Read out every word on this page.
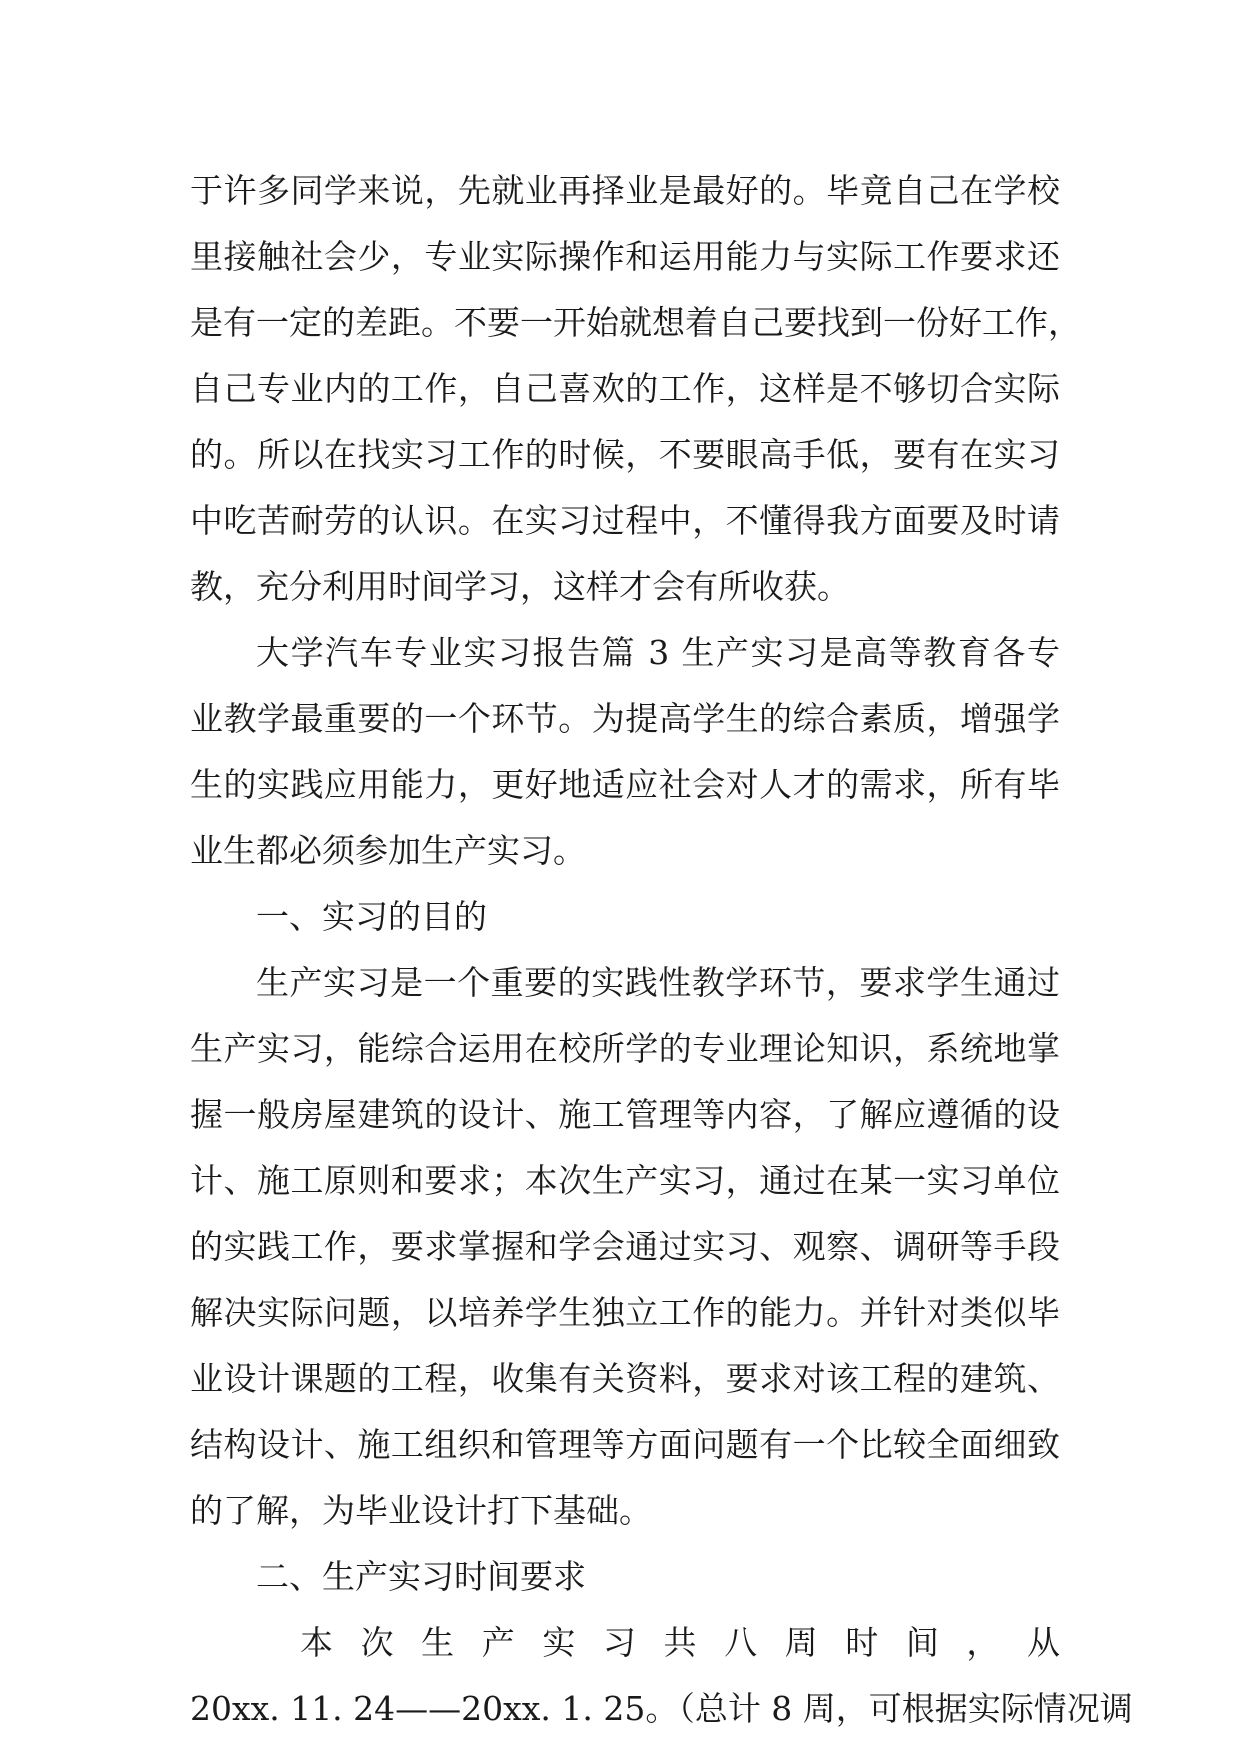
于许多同学来说，先就业再择业是最好的。毕竟自己在学校
里接触社会少，专业实际操作和运用能力与实际工作要求还
是有一定的差距。不要一开始就想着自己要找到一份好工作，
自己专业内的工作，自己喜欢的工作，这样是不够切合实际
的。所以在找实习工作的时候，不要眼高手低，要有在实习
中吃苦耐劳的认识。在实习过程中，不懂得我方面要及时请
教，充分利用时间学习，这样才会有所收获。
大学汽车专业实习报告篇 3 生产实习是高等教育各专
业教学最重要的一个环节。为提高学生的综合素质，增强学
生的实践应用能力，更好地适应社会对人才的需求，所有毕
业生都必须参加生产实习。
一、实习的目的
生产实习是一个重要的实践性教学环节，要求学生通过
生产实习，能综合运用在校所学的专业理论知识，系统地掌
握一般房屋建筑的设计、施工管理等内容，了解应遵循的设
计、施工原则和要求；本次生产实习，通过在某一实习单位
的实践工作，要求掌握和学会通过实习、观察、调研等手段
解决实际问题，以培养学生独立工作的能力。并针对类似毕
业设计课题的工程，收集有关资料，要求对该工程的建筑、
结构设计、施工组织和管理等方面问题有一个比较全面细致
的了解，为毕业设计打下基础。
二、生产实习时间要求
本 次 生 产 实 习 共 八 周 时 间 ， 从
20xx. 11. 24——20xx. 1. 25。（总计 8 周，可根据实际情况调
